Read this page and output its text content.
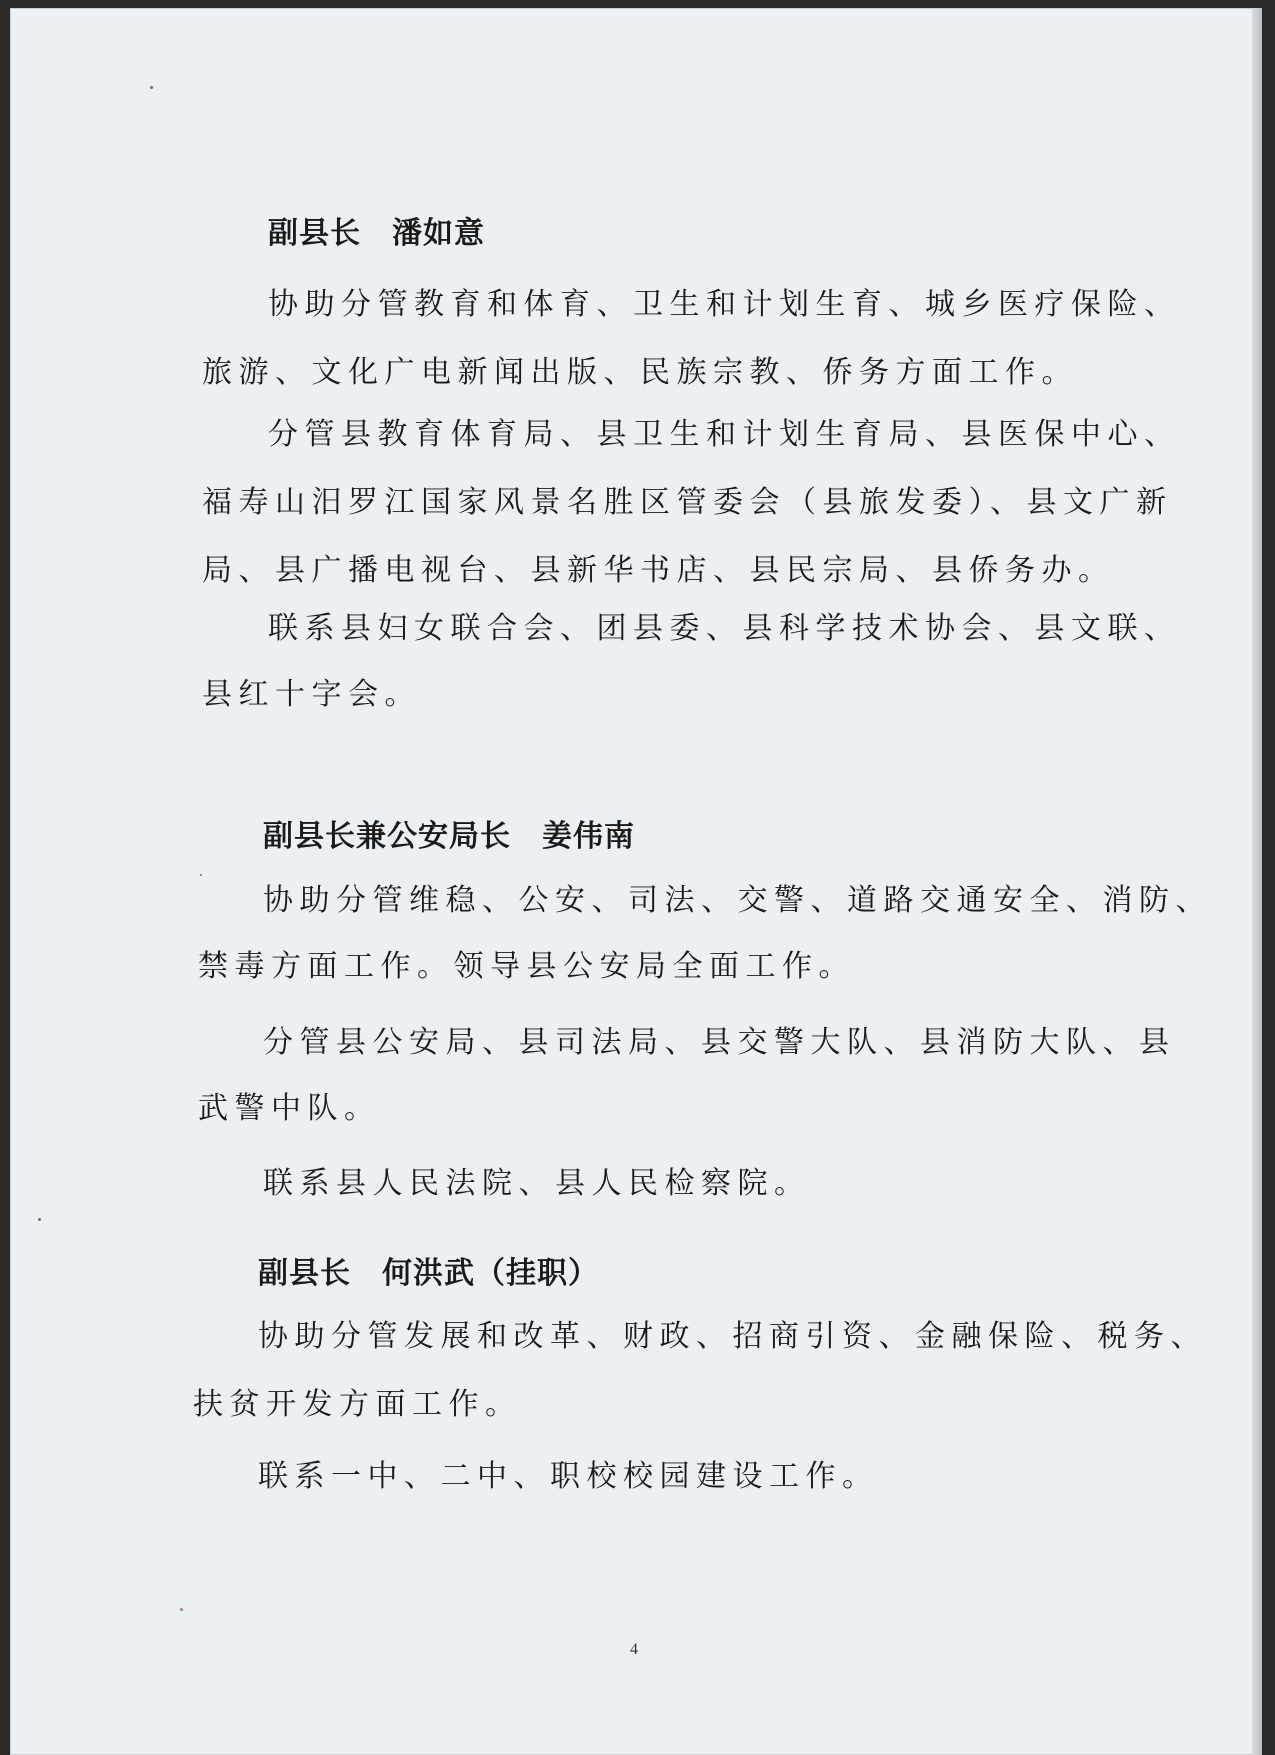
副县长　潘如意
协助分管教育和体育、卫生和计划生育、城乡医疗保险、
旅游、文化广电新闻出版、民族宗教、侨务方面工作。
分管县教育体育局、县卫生和计划生育局、县医保中心、
福寿山汨罗江国家风景名胜区管委会（县旅发委）、县文广新
局、县广播电视台、县新华书店、县民宗局、县侨务办。
联系县妇女联合会、团县委、县科学技术协会、县文联、
县红十字会。
副县长兼公安局长　姜伟南
协助分管维稳、公安、司法、交警、道路交通安全、消防、
禁毒方面工作。领导县公安局全面工作。
分管县公安局、县司法局、县交警大队、县消防大队、县
武警中队。
联系县人民法院、县人民检察院。
副县长　何洪武（挂职）
协助分管发展和改革、财政、招商引资、金融保险、税务、
扶贫开发方面工作。
联系一中、二中、职校校园建设工作。
4
